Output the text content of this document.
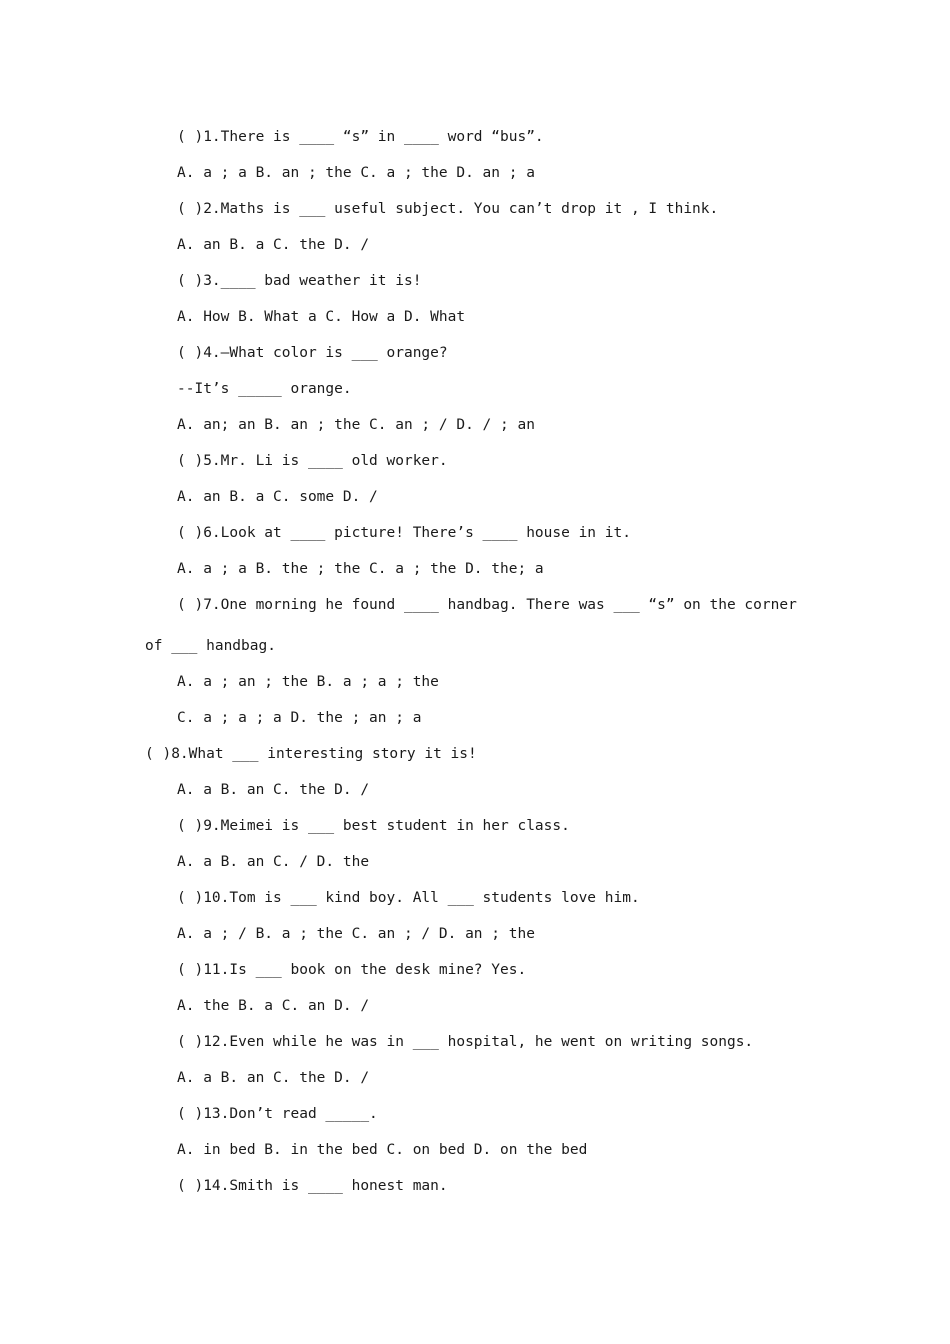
( )1.There is ____ “s” in ____ word “bus”.
A. a ; a B. an ; the C. a ; the D. an ; a
( )2.Maths is ___ useful subject. You can’t drop it , I think.
A. an B. a C. the D. /
( )3.____ bad weather it is!
A. How B. What a C. How a D. What
( )4.—What color is ___ orange?
--It’s _____ orange.
A. an; an B. an ; the C. an ; / D. / ; an
( )5.Mr. Li is ____ old worker.
A. an B. a C. some D. /
( )6.Look at ____ picture! There’s ____ house in it.
A. a ; a B. the ; the C. a ; the D. the; a
( )7.One morning he found ____ handbag. There was ___ “s” on the corner
of ___ handbag.
A. a ; an ; the B. a ; a ; the
C. a ; a ; a D. the ; an ; a
( )8.What ___ interesting story it is!
A. a B. an C. the D. /
( )9.Meimei is ___ best student in her class.
A. a B. an C. / D. the
( )10.Tom is ___ kind boy. All ___ students love him.
A. a ; / B. a ; the C. an ; / D. an ; the
( )11.Is ___ book on the desk mine? Yes.
A. the B. a C. an D. /
( )12.Even while he was in ___ hospital, he went on writing songs.
A. a B. an C. the D. /
( )13.Don’t read _____.
A. in bed B. in the bed C. on bed D. on the bed
( )14.Smith is ____ honest man.
